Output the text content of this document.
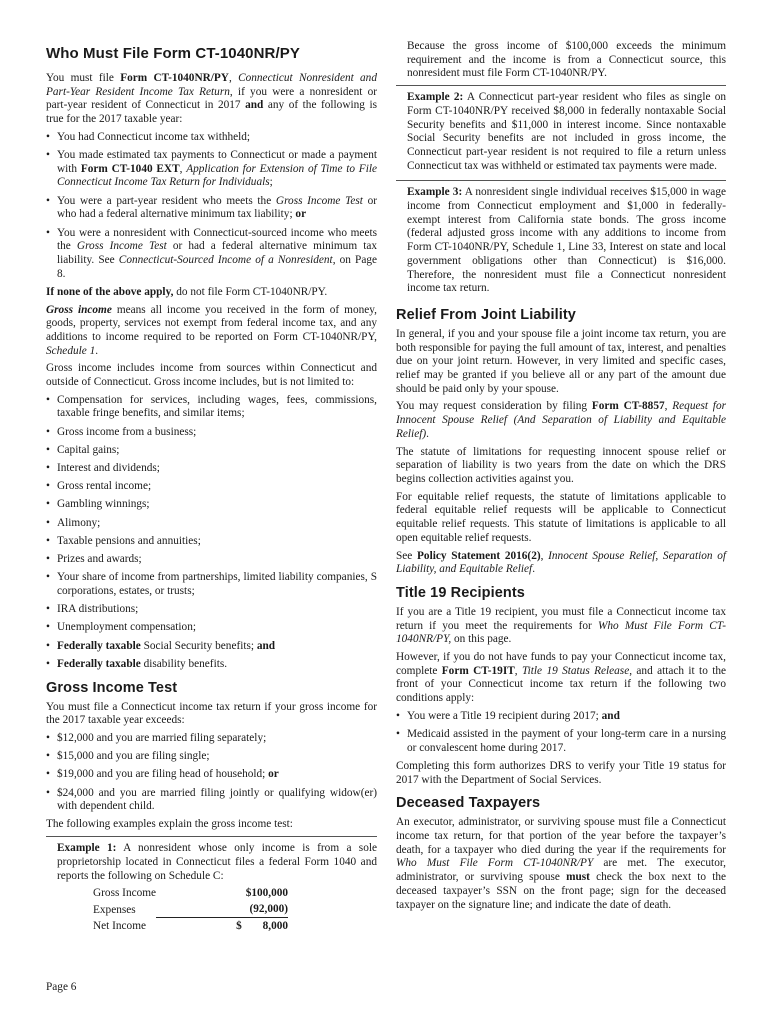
Who Must File Form CT-1040NR/PY

You must file Form CT-1040NR/PY, Connecticut Nonresident and Part-Year Resident Income Tax Return, if you were a nonresident or part-year resident of Connecticut in 2017 and any of the following is true for the 2017 taxable year:

• You had Connecticut income tax withheld;
• You made estimated tax payments to Connecticut or made a payment with Form CT-1040 EXT, Application for Extension of Time to File Connecticut Income Tax Return for Individuals;
• You were a part-year resident who meets the Gross Income Test or who had a federal alternative minimum tax liability; or
• You were a nonresident with Connecticut-sourced income who meets the Gross Income Test or had a federal alternative minimum tax liability. See Connecticut-Sourced Income of a Nonresident, on Page 8.

If none of the above apply, do not file Form CT-1040NR/PY.

Gross income means all income you received in the form of money, goods, property, services not exempt from federal income tax, and any additions to income required to be reported on Form CT-1040NR/PY, Schedule 1.

Gross income includes income from sources within Connecticut and outside of Connecticut. Gross income includes, but is not limited to:

• Compensation for services, including wages, fees, commissions, taxable fringe benefits, and similar items;
• Gross income from a business;
• Capital gains;
• Interest and dividends;
• Gross rental income;
• Gambling winnings;
• Alimony;
• Taxable pensions and annuities;
• Prizes and awards;
• Your share of income from partnerships, limited liability companies, S corporations, estates, or trusts;
• IRA distributions;
• Unemployment compensation;
• Federally taxable Social Security benefits; and
• Federally taxable disability benefits.
Gross Income Test

You must file a Connecticut income tax return if your gross income for the 2017 taxable year exceeds:

• $12,000 and you are married filing separately;
• $15,000 and you are filing single;
• $19,000 and you are filing head of household; or
• $24,000 and you are married filing jointly or qualifying widow(er) with dependent child.

The following examples explain the gross income test:

Example 1: A nonresident whose only income is from a sole proprietorship located in Connecticut files a federal Form 1040 and reports the following on Schedule C:

Gross Income	$100,000
Expenses	(92,000)
Net Income	$ 8,000

Because the gross income of $100,000 exceeds the minimum requirement and the income is from a Connecticut source, this nonresident must file Form CT-1040NR/PY.

Example 2: A Connecticut part-year resident who files as single on Form CT-1040NR/PY received $8,000 in federally nontaxable Social Security benefits and $11,000 in interest income. Since nontaxable Social Security benefits are not included in gross income, the Connecticut part-year resident is not required to file a return unless Connecticut tax was withheld or estimated tax payments were made.

Example 3: A nonresident single individual receives $15,000 in wage income from Connecticut employment and $1,000 in federally-exempt interest from California state bonds. The gross income (federal adjusted gross income with any additions to income from Form CT-1040NR/PY, Schedule 1, Line 33, Interest on state and local government obligations other than Connecticut) is $16,000. Therefore, the nonresident must file a Connecticut nonresident income tax return.

Relief From Joint Liability

In general, if you and your spouse file a joint income tax return, you are both responsible for paying the full amount of tax, interest, and penalties due on your joint return. However, in very limited and specific cases, relief may be granted if you believe all or any part of the amount due should be paid only by your spouse.

You may request consideration by filing Form CT-8857, Request for Innocent Spouse Relief (And Separation of Liability and Equitable Relief).

The statute of limitations for requesting innocent spouse relief or separation of liability is two years from the date on which the DRS begins collection activities against you.

For equitable relief requests, the statute of limitations applicable to federal equitable relief requests will be applicable to Connecticut equitable relief requests. This statute of limitations is applicable to all open equitable relief requests.

See Policy Statement 2016(2), Innocent Spouse Relief, Separation of Liability, and Equitable Relief.

Title 19 Recipients

If you are a Title 19 recipient, you must file a Connecticut income tax return if you meet the requirements for Who Must File Form CT-1040NR/PY, on this page.

However, if you do not have funds to pay your Connecticut income tax, complete Form CT-19IT, Title 19 Status Release, and attach it to the front of your Connecticut income tax return if the following two conditions apply:

• You were a Title 19 recipient during 2017; and
• Medicaid assisted in the payment of your long-term care in a nursing or convalescent home during 2017.

Completing this form authorizes DRS to verify your Title 19 status for 2017 with the Department of Social Services.

Deceased Taxpayers

An executor, administrator, or surviving spouse must file a Connecticut income tax return, for that portion of the year before the taxpayer’s death, for a taxpayer who died during the year if the requirements for Who Must File Form CT-1040NR/PY are met. The executor, administrator, or surviving spouse must check the box next to the deceased taxpayer’s SSN on the front page; sign for the deceased taxpayer on the signature line; and indicate the date of death.

Page 6
